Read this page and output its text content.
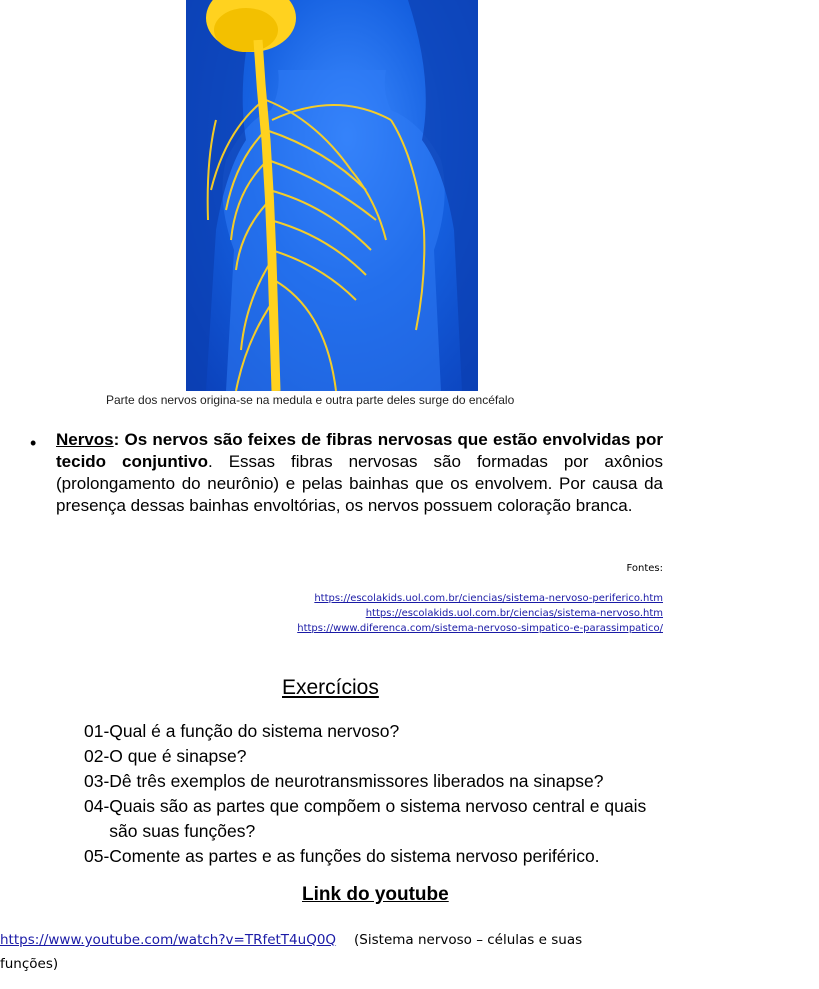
Parte dos nervos origina-se na medula e outra parte deles surge do encéfalo
• Nervos: Os nervos são feixes de fibras nervosas que estão envolvidas por tecido conjuntivo. Essas fibras nervosas são formadas por axônios (prolongamento do neurônio) e pelas bainhas que os envolvem. Por causa da presença dessas bainhas envoltórias, os nervos possuem coloração branca.
Fontes:
https://escolakids.uol.com.br/ciencias/sistema-nervoso-periferico.htm
https://escolakids.uol.com.br/ciencias/sistema-nervoso.htm
https://www.diferenca.com/sistema-nervoso-simpatico-e-parassimpatico/
Exercícios
01- Qual é a função do sistema nervoso?
02- O que é sinapse?
03- Dê três exemplos de neurotransmissores liberados na sinapse?
04- Quais são as partes que compõem o sistema nervoso central e quais são suas funções?
05- Comente as partes e as funções do sistema nervoso periférico.
Link do youtube
https://www.youtube.com/watch?v=TRfetT4uQ0Q (Sistema nervoso – células e suas funções)
